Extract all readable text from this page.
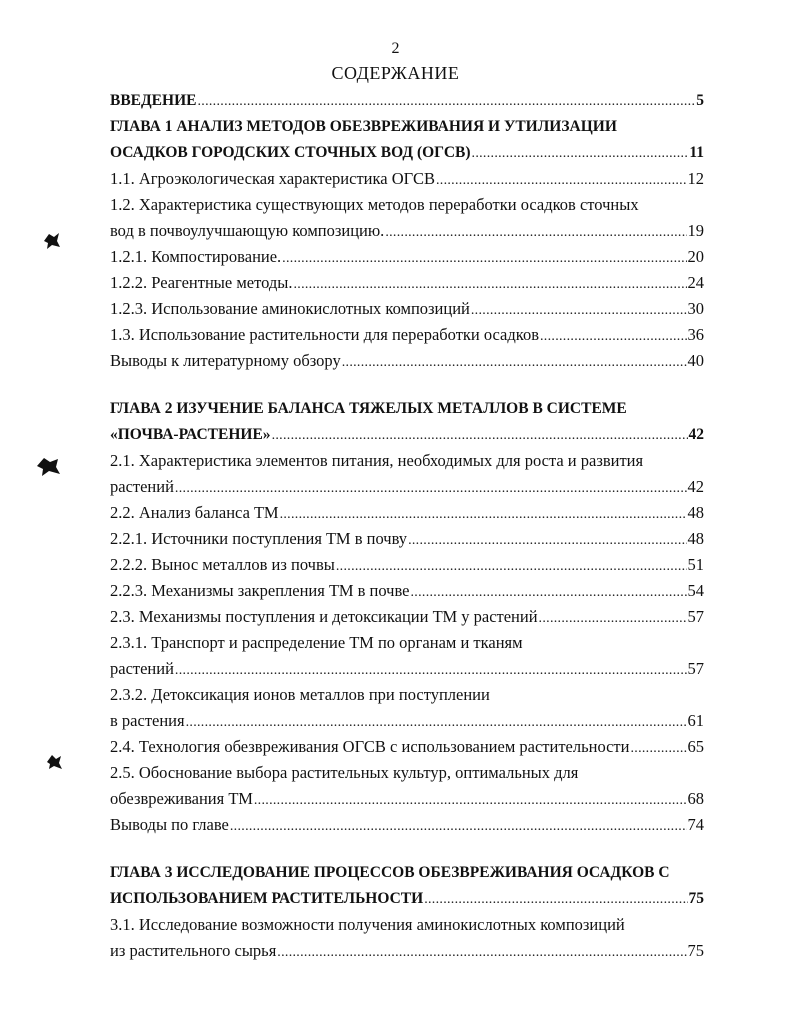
2
СОДЕРЖАНИЕ
ВВЕДЕНИЕ . . .	5
ГЛАВА 1 АНАЛИЗ МЕТОДОВ ОБЕЗВРЕЖИВАНИЯ И УТИЛИЗАЦИИ
ОСАДКОВ ГОРОДСКИХ СТОЧНЫХ ВОД (ОГСВ) . . .	11
1.1. Агроэкологическая характеристика ОГСВ . . .	12
1.2. Характеристика существующих методов переработки осадков сточных
вод в почвоулучшающую композицию. . . .	19
1.2.1. Компостирование. . . .	20
1.2.2. Реагентные методы. . . .	24
1.2.3. Использование аминокислотных композиций . . .	30
1.3. Использование растительности для переработки осадков . . .	36
Выводы к литературному обзору . . .	40
ГЛАВА 2 ИЗУЧЕНИЕ БАЛАНСА ТЯЖЕЛЫХ МЕТАЛЛОВ В СИСТЕМЕ
«ПОЧВА-РАСТЕНИЕ» . . .	42
2.1. Характеристика элементов питания, необходимых для роста и развития
растений . . .	42
2.2. Анализ баланса ТМ . . .	48
2.2.1. Источники поступления ТМ в почву . . .	48
2.2.2. Вынос металлов из почвы . . .	51
2.2.3. Механизмы закрепления ТМ в почве . . .	54
2.3. Механизмы поступления и детоксикации ТМ у растений . . .	57
2.3.1. Транспорт и распределение ТМ по органам и тканям
растений . . .	57
2.3.2. Детоксикация ионов металлов при поступлении
в растения . . .	61
2.4. Технология обезвреживания ОГСВ с использованием растительности . . .	65
2.5. Обоснование выбора растительных культур, оптимальных для
обезвреживания ТМ . . .	68
Выводы по главе . . .	74
ГЛАВА 3 ИССЛЕДОВАНИЕ ПРОЦЕССОВ ОБЕЗВРЕЖИВАНИЯ ОСАДКОВ С
ИСПОЛЬЗОВАНИЕМ РАСТИТЕЛЬНОСТИ . . .	75
3.1. Исследование возможности получения аминокислотных композиций
из растительного сырья . . .	75
